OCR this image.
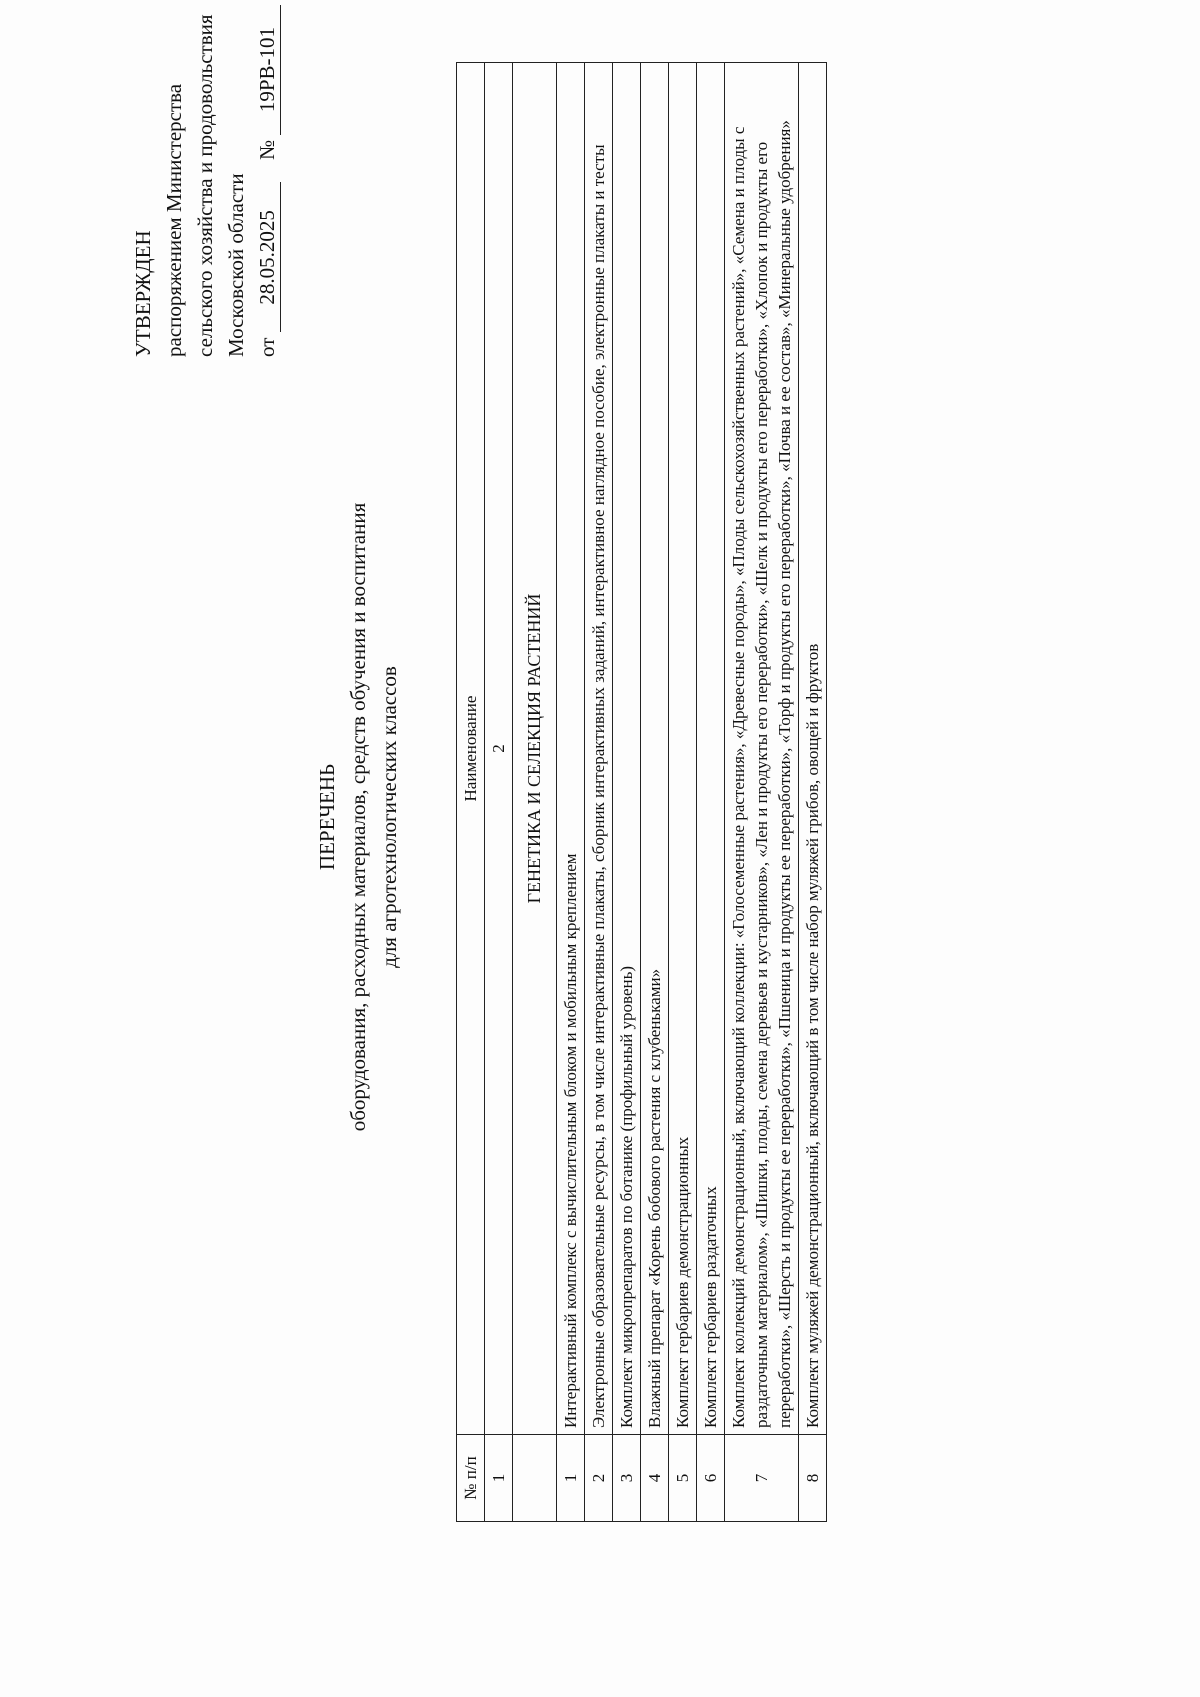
УТВЕРЖДЕН распоряжением Министерства сельского хозяйства и продовольствия Московской области от 28.05.2025  № 19РВ-101
ПЕРЕЧЕНЬ оборудования, расходных материалов, средств обучения и воспитания для агротехнологических классов
№ п/п	Наименование
1	2
	ГЕНЕТИКА И СЕЛЕКЦИЯ РАСТЕНИЙ
1	Интерактивный комплекс с вычислительным блоком и мобильным креплением
2	Электронные образовательные ресурсы, в том числе интерактивные плакаты, сборник интерактивных заданий, интерактивное наглядное пособие, электронные плакаты и тесты
3	Комплект микропрепаратов по ботанике (профильный уровень)
4	Влажный препарат «Корень бобового растения с клубеньками»
5	Комплект гербариев демонстрационных
6	Комплект гербариев раздаточных
7	Комплект коллекций демонстрационный, включающий коллекции: «Голосеменные растения», «Древесные породы», «Плоды сельскохозяйственных растений», «Семена и плоды с раздаточным материалом», «Шишки, плоды, семена деревьев и кустарников», «Лен и продукты его переработки», «Шелк и продукты его переработки», «Хлопок и продукты его переработки», «Шерсть и продукты ее переработки», «Пшеница и продукты ее переработки», «Торф и продукты его переработки», «Почва и ее состав», «Минеральные удобрения»
8	Комплект муляжей демонстрационный, включающий в том числе набор муляжей грибов, овощей и фруктов
